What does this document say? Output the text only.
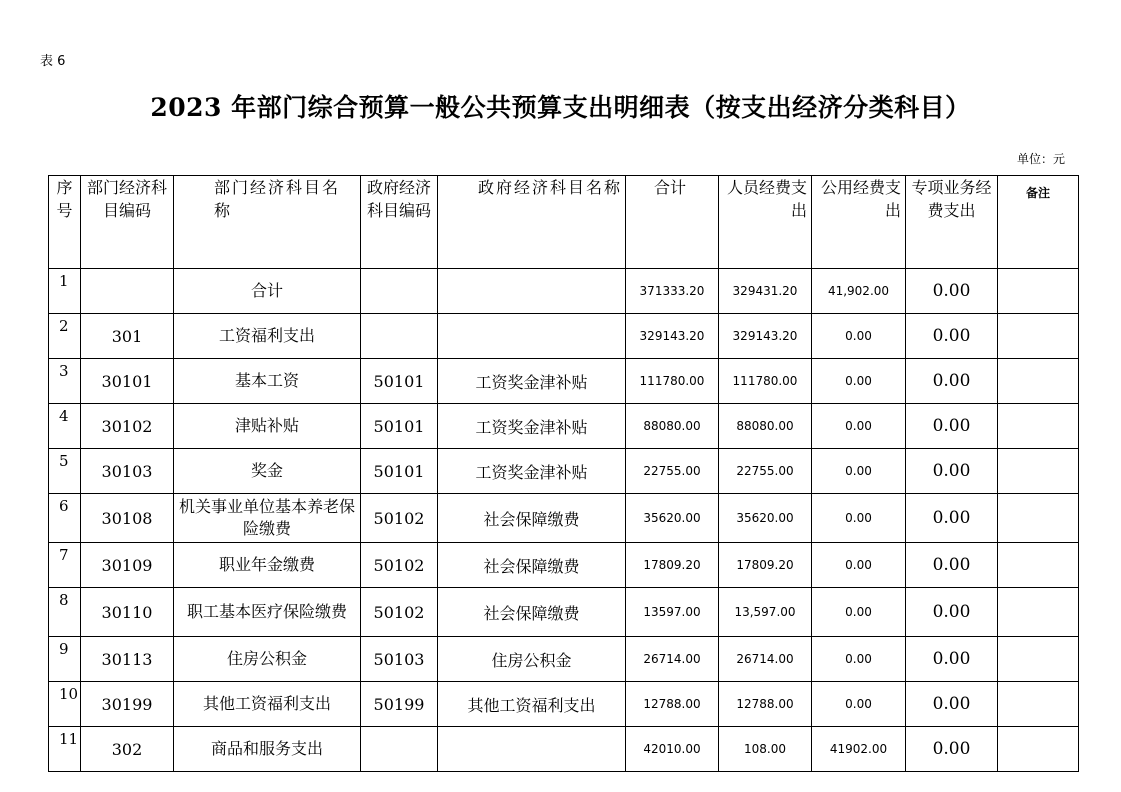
表 6
2023 年部门综合预算一般公共预算支出明细表（按支出经济分类科目）
单位：元
序号	部门经济科目编码	部门经济科目名称	政府经济科目编码	政府经济科目名称	合计	人员经费支出	公用经费支出	专项业务经费支出	备注
1		合计			371333.20	329431.20	41,902.00	0.00	
2	301	工资福利支出			329143.20	329143.20	0.00	0.00	
3	30101	基本工资	50101	工资奖金津补贴	111780.00	111780.00	0.00	0.00	
4	30102	津贴补贴	50101	工资奖金津补贴	88080.00	88080.00	0.00	0.00	
5	30103	奖金	50101	工资奖金津补贴	22755.00	22755.00	0.00	0.00	
6	30108	机关事业单位基本养老保险缴费	50102	社会保障缴费	35620.00	35620.00	0.00	0.00	
7	30109	职业年金缴费	50102	社会保障缴费	17809.20	17809.20	0.00	0.00	
8	30110	职工基本医疗保险缴费	50102	社会保障缴费	13597.00	13,597.00	0.00	0.00	
9	30113	住房公积金	50103	住房公积金	26714.00	26714.00	0.00	0.00	
10	30199	其他工资福利支出	50199	其他工资福利支出	12788.00	12788.00	0.00	0.00	
11	302	商品和服务支出			42010.00	108.00	41902.00	0.00	
